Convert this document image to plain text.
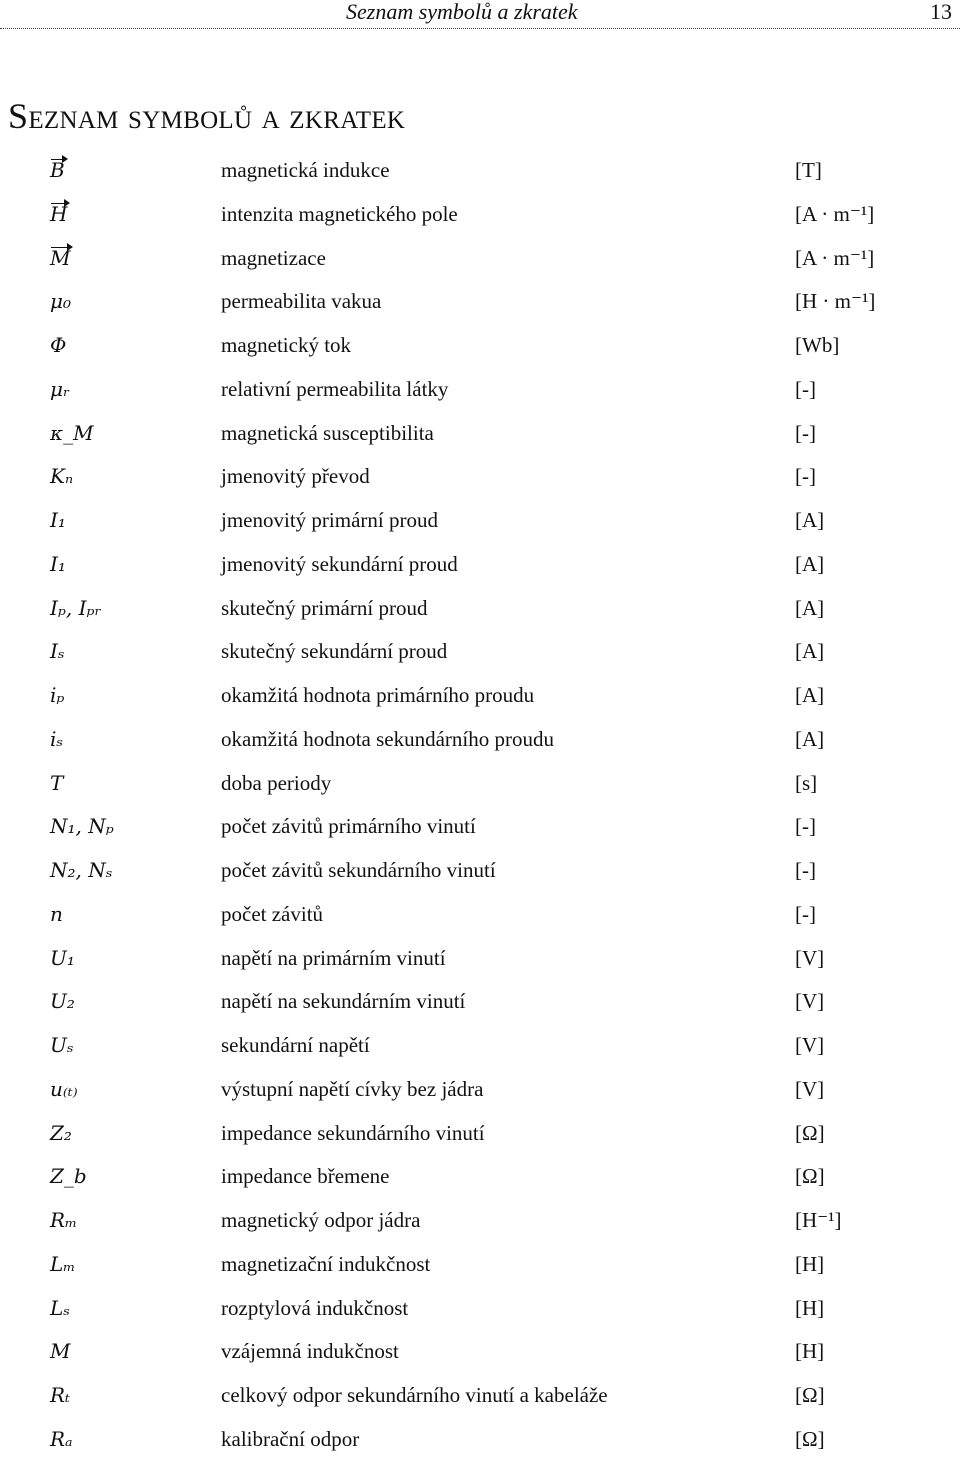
Seznam symbolů a zkratek	13
Seznam symbolů a zkratek
B	magnetická indukce	[T]
H	intenzita magnetického pole	[A · m⁻¹]
M	magnetizace	[A · m⁻¹]
μ₀	permeabilita vakua	[H · m⁻¹]
Φ	magnetický tok	[Wb]
μᵣ	relativní permeabilita látky	[-]
κ_M	magnetická susceptibilita	[-]
Kₙ	jmenovitý převod	[-]
I₁	jmenovitý primární proud	[A]
I₁	jmenovitý sekundární proud	[A]
Iₚ, Iₚᵣ	skutečný primární proud	[A]
Iₛ	skutečný sekundární proud	[A]
iₚ	okamžitá hodnota primárního proudu	[A]
iₛ	okamžitá hodnota sekundárního proudu	[A]
T	doba periody	[s]
N₁, Nₚ	počet závitů primárního vinutí	[-]
N₂, Nₛ	počet závitů sekundárního vinutí	[-]
n	počet závitů	[-]
U₁	napětí na primárním vinutí	[V]
U₂	napětí na sekundárním vinutí	[V]
Uₛ	sekundární napětí	[V]
u₍ₜ₎	výstupní napětí cívky bez jádra	[V]
Z₂	impedance sekundárního vinutí	[Ω]
Z_b	impedance břemene	[Ω]
Rₘ	magnetický odpor jádra	[H⁻¹]
Lₘ	magnetizační indukčnost	[H]
Lₛ	rozptylová indukčnost	[H]
M	vzájemná indukčnost	[H]
Rₜ	celkový odpor sekundárního vinutí a kabeláže	[Ω]
Rₐ	kalibrační odpor	[Ω]
